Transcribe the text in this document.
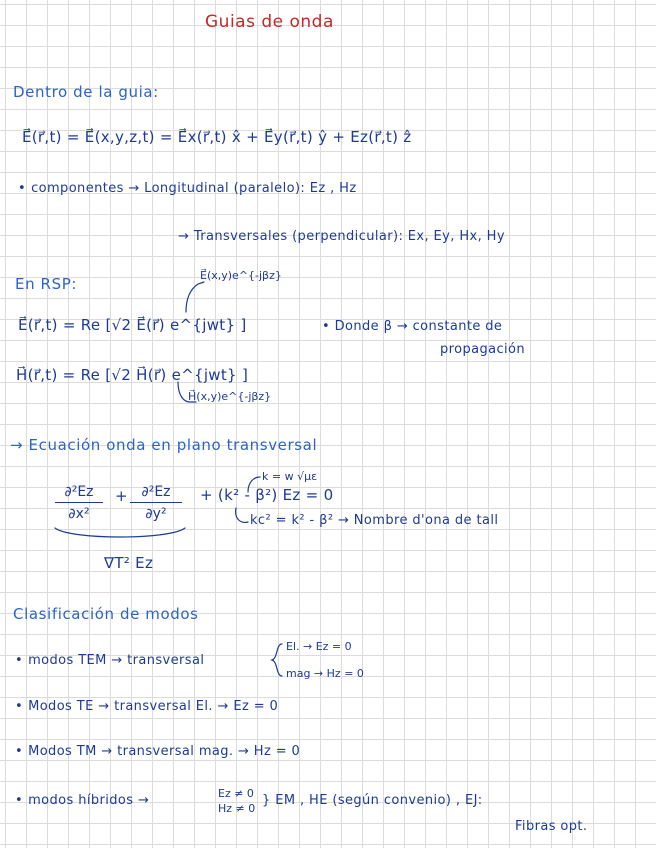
Guias de onda
Dentro de la guia:
E⃗(r⃗,t) = E⃗(x,y,z,t) = E⃗x(r⃗,t) x̂ + E⃗y(r⃗,t) ŷ + Ez(r⃗,t) ẑ
• componentes → Longitudinal (paralelo): Ez , Hz
→ Transversales (perpendicular): Ex, Ey, Hx, Hy
En RSP:	E⃗(x,y)e^{-jβz}
E⃗(r⃗,t) = Re [√2 E⃗(r⃗) e^{jwt} ]	• Donde β → constante de
propagación
H⃗(r⃗,t) = Re [√2 H⃗(r⃗) e^{jwt} ]
H⃗(x,y)e^{-jβz}
→ Ecuación onda en plano transversal
k = w √με
$\frac{\text{∂²Ez}}{\text{∂x²}} + \frac{\text{∂²Ez}}{\text{∂y²}} + (k^2 - \beta^2) Ez = 0$
kc² = k² - β² → Nombre d'ona de tall
∇T² Ez
Clasificación de modos
• modos TEM → transversal
El. → Ez = 0
mag → Hz = 0
• Modos TE → transversal El. → Ez = 0
• Modos TM → transversal mag. → Hz = 0
• modos híbridos →	Ez ≠ 0
Hz ≠ 0
} EM , HE (según convenio) , EJ:
Fibras opt.
